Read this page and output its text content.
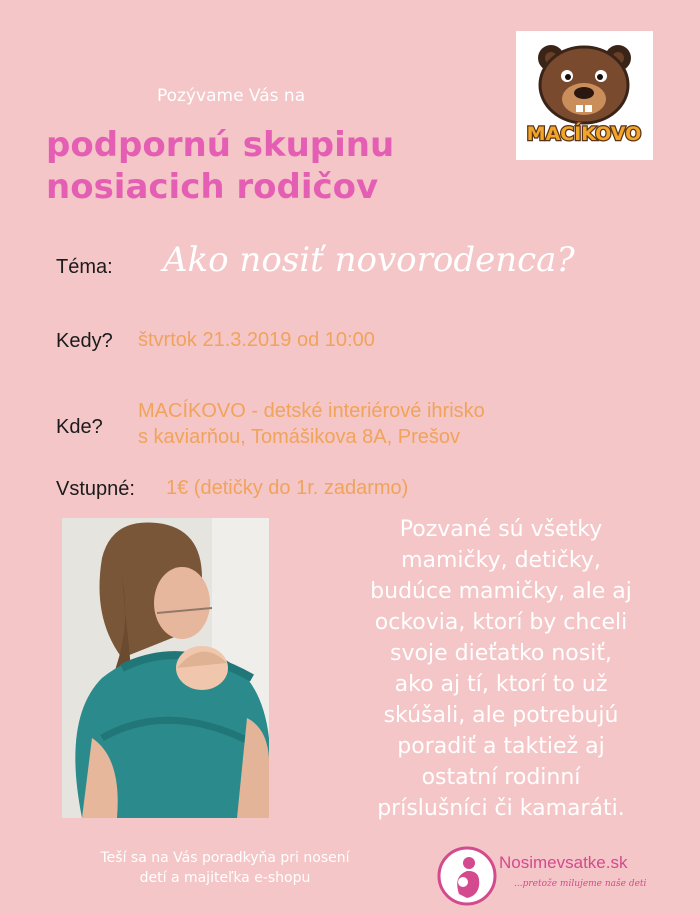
Pozývame Vás na
podpornú skupinu
nosiacich rodičov
MACÍKOVO
Téma: Ako nosiť novorodenca?
Kedy? štvrtok 21.3.2019 od 10:00
Kde?
MACÍKOVO - detské interiérové ihrisko
s kaviarňou, Tomášikova 8A, Prešov
Vstupné: 1€ (detičky do 1r. zadarmo)
Pozvané sú všetky
mamičky, detičky,
budúce mamičky, ale aj
ockovia, ktorí by chceli
svoje dieťatko nosiť,
ako aj tí, ktorí to už
skúšali, ale potrebujú
poradiť a taktiež aj
ostatní rodinní
príslušníci či kamaráti.
Teší sa na Vás poradkyňa pri nosení
detí a majiteľka e-shopu
Nosimevsatke.sk
...pretože milujeme naše deti
